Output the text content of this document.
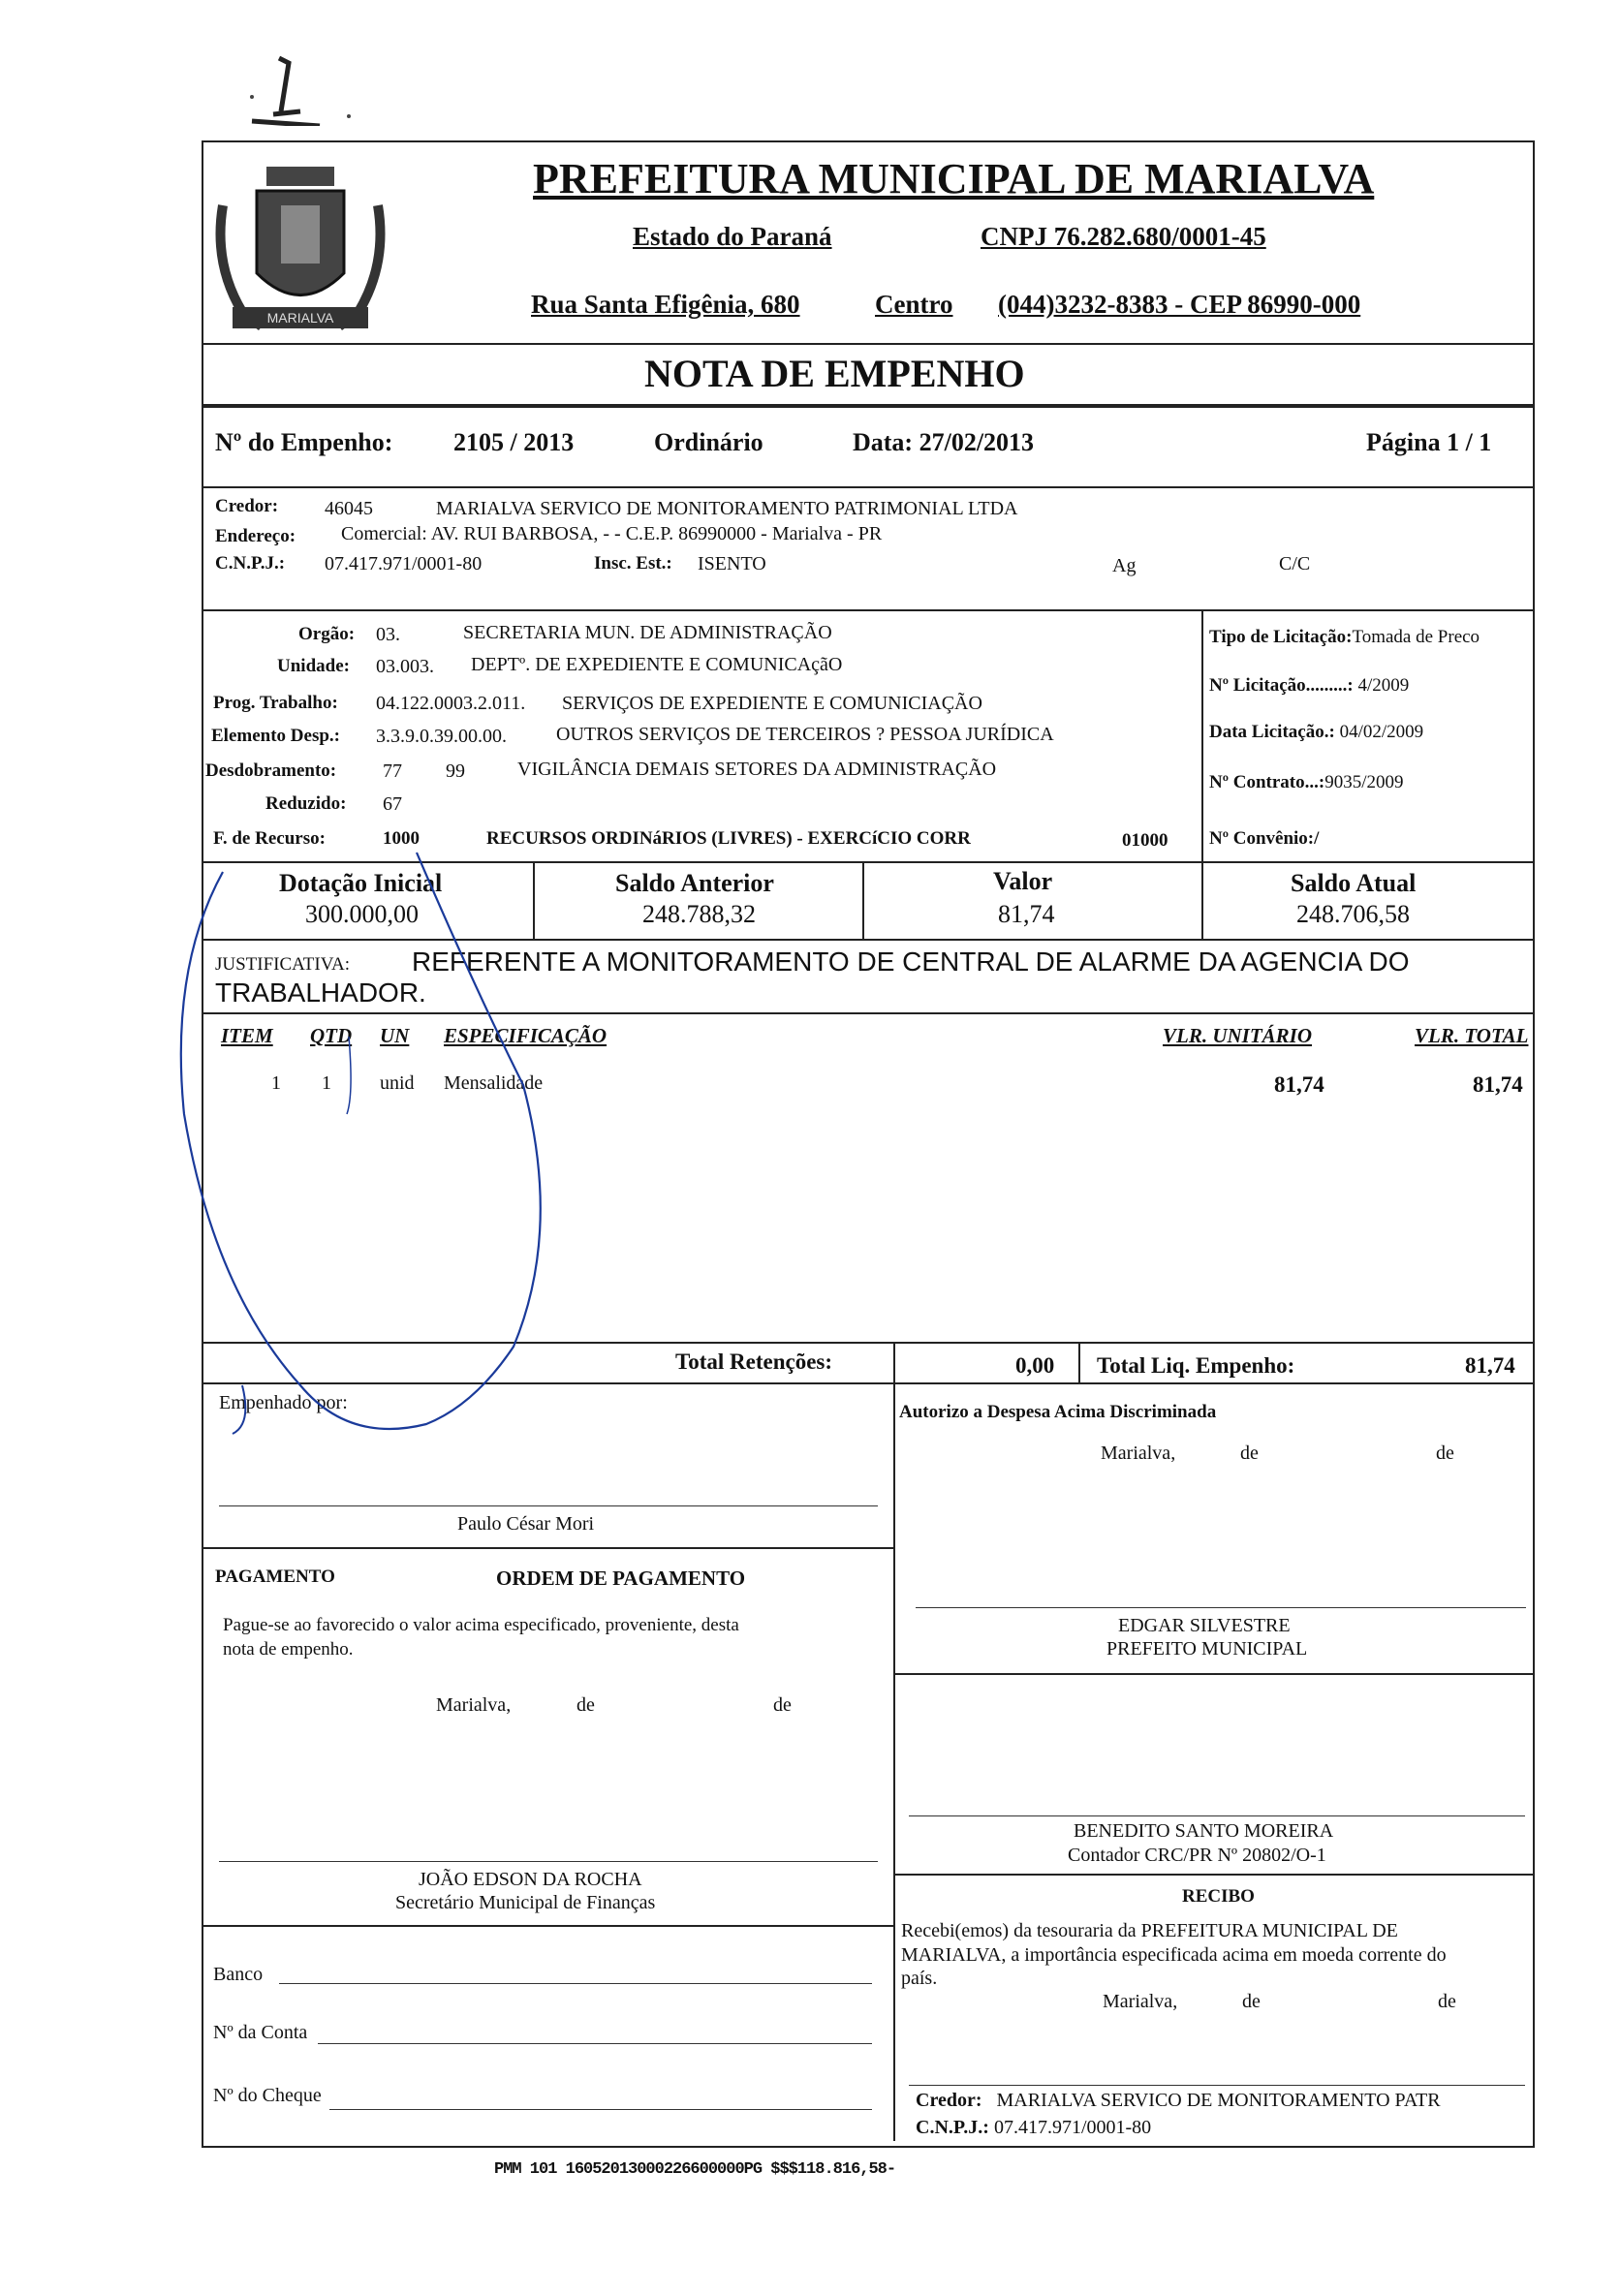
MARIALVA
PREFEITURA MUNICIPAL DE MARIALVA
Estado do Paraná	CNPJ 76.282.680/0001-45
Rua Santa Efigênia, 680	Centro (044)3232-8383 - CEP 86990-000
NOTA DE EMPENHO
Nº do Empenho: 2105 / 2013	Ordinário	Data: 27/02/2013	Página 1 / 1
Credor: 46045	MARIALVA SERVICO DE MONITORAMENTO PATRIMONIAL LTDA
Endereço: Comercial: AV. RUI BARBOSA, - - C.E.P. 86990000 - Marialva - PR
C.N.P.J.: 07.417.971/0001-80	Insc. Est.: ISENTO	Ag	C/C
Orgão: 03.	SECRETARIA MUN. DE ADMINISTRAÇÃO
Unidade: 03.003. DEPTº. DE EXPEDIENTE E COMUNICAçãO
Prog. Trabalho: 04.122.0003.2.011. SERVIÇOS DE EXPEDIENTE E COMUNICIAÇÃO
Elemento Desp.: 3.3.9.0.39.00.00.	OUTROS SERVIÇOS DE TERCEIROS ? PESSOA JURÍDICA
Desdobramento: 77 99	VIGILÂNCIA DEMAIS SETORES DA ADMINISTRAÇÃO
Reduzido: 67
F. de Recurso:	1000	RECURSOS ORDINáRIOS (LIVRES) - EXERCíCIO CORR	01000
Tipo de Licitação:Tomada de Preco
Nº Licitação.........: 4/2009
Data Licitação.: 04/02/2009
Nº Contrato...:9035/2009
Nº Convênio:/
Dotação Inicial
300.000,00
Saldo Anterior
248.788,32
Valor
81,74
Saldo Atual
248.706,58
JUSTIFICATIVA: REFERENTE A MONITORAMENTO DE CENTRAL DE ALARME DA AGENCIA DO
TRABALHADOR.
ITEM QTD UN ESPECIFICAÇÃO	VLR. UNITÁRIO	VLR. TOTAL
1 1	unid Mensalidade	81,74	81,74
Total Retenções:	0,00 Total Liq. Empenho:	81,74
Empenhado por:
Paulo César Mori
PAGAMENTO	ORDEM DE PAGAMENTO
Pague-se ao favorecido o valor acima especificado, proveniente, desta
nota de empenho.
Marialva,	de	de
JOÃO EDSON DA ROCHA
Secretário Municipal de Finanças
Banco
Nº da Conta
Nº do Cheque
Autorizo a Despesa Acima Discriminada
Marialva,	de	de
EDGAR SILVESTRE
PREFEITO MUNICIPAL
BENEDITO SANTO MOREIRA
Contador CRC/PR Nº 20802/O-1
RECIBO
Recebi(emos) da tesouraria da PREFEITURA MUNICIPAL DE
MARIALVA, a importância especificada acima em moeda corrente do
país.
Marialva,	de	de
Credor: MARIALVA SERVICO DE MONITORAMENTO PATR
C.N.P.J.: 07.417.971/0001-80
PMM 101 16052013000226600000PG $$$118.816,58-
